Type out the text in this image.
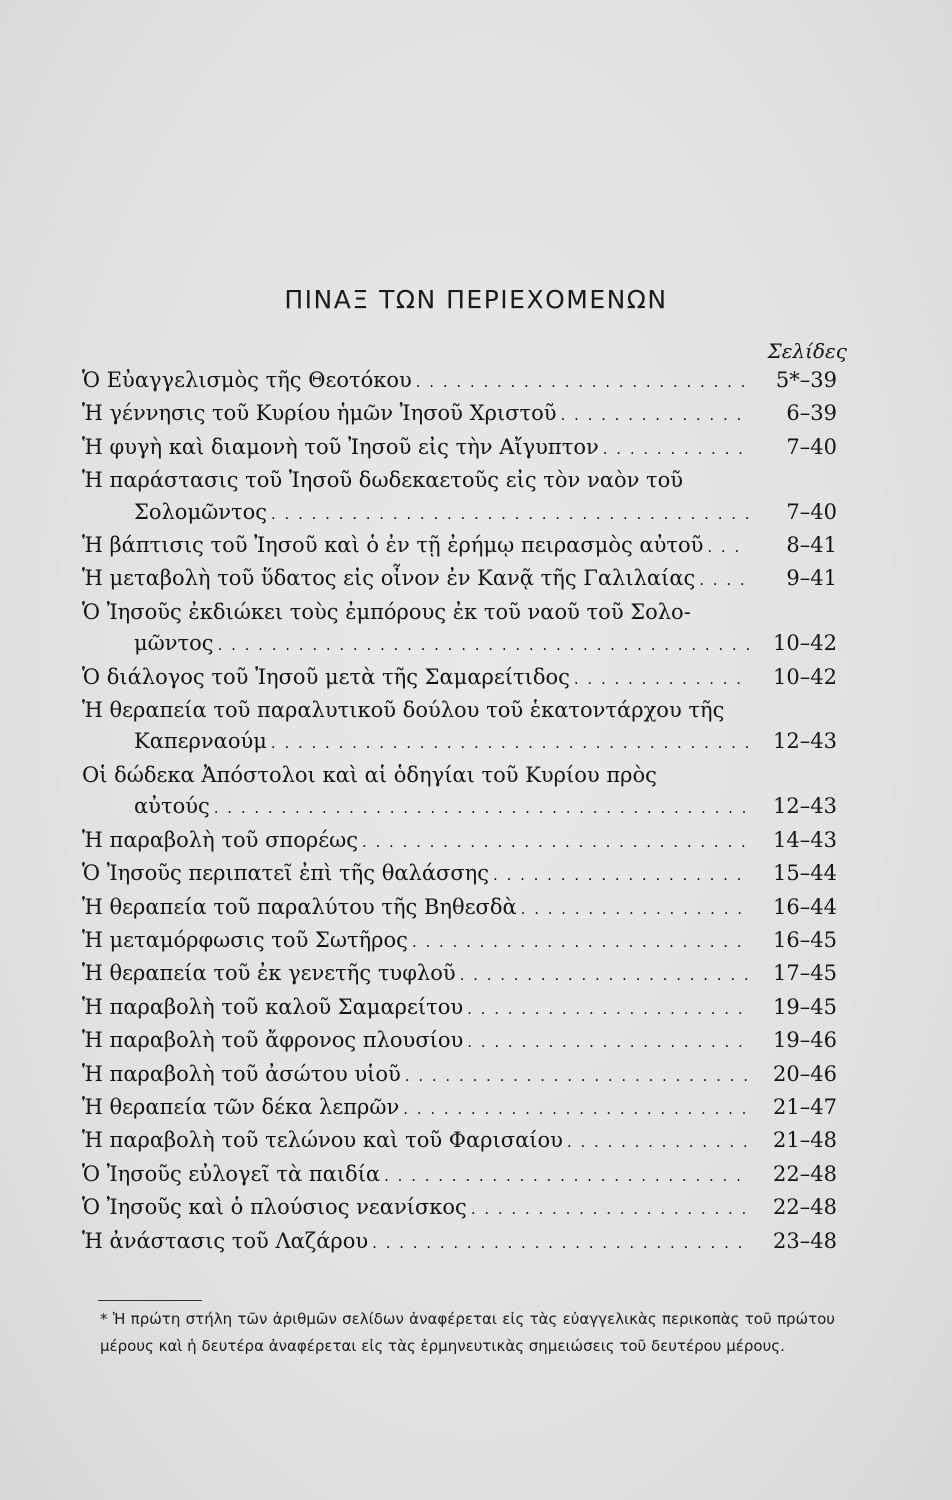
ΠΙΝΑΞ ΤΩΝ ΠΕΡΙΕΧΟΜΕΝΩΝ
Σελίδες
Ὁ Εὐαγγελισμὸς τῆς Θεοτόκου . . .	5*–39
Ἡ γέννησις τοῦ Κυρίου ἡμῶν Ἰησοῦ Χριστοῦ . . .	6–39
Ἡ φυγὴ καὶ διαμονὴ τοῦ Ἰησοῦ εἰς τὴν Αἴγυπτον . . .	7–40
Ἡ παράστασις τοῦ Ἰησοῦ δωδεκαετοῦς εἰς τὸν ναὸν τοῦ
Σολομῶντος . . .	7–40
Ἡ βάπτισις τοῦ Ἰησοῦ καὶ ὁ ἐν τῇ ἐρήμῳ πειρασμὸς αὐτοῦ . . .	8–41
Ἡ μεταβολὴ τοῦ ὕδατος εἰς οἶνον ἐν Κανᾷ τῆς Γαλιλαίας . . .	9–41
Ὁ Ἰησοῦς ἐκδιώκει τοὺς ἐμπόρους ἐκ τοῦ ναοῦ τοῦ Σολο-
μῶντος . . .	10–42
Ὁ διάλογος τοῦ Ἰησοῦ μετὰ τῆς Σαμαρείτιδος . . .	10–42
Ἡ θεραπεία τοῦ παραλυτικοῦ δούλου τοῦ ἑκατοντάρχου τῆς
Καπερναούμ . . .	12–43
Οἱ δώδεκα Ἀπόστολοι καὶ αἱ ὁδηγίαι τοῦ Κυρίου πρὸς
αὐτούς . . .	12–43
Ἡ παραβολὴ τοῦ σπορέως . . .	14–43
Ὁ Ἰησοῦς περιπατεῖ ἐπὶ τῆς θαλάσσης . . .	15–44
Ἡ θεραπεία τοῦ παραλύτου τῆς Βηθεσδὰ . . .	16–44
Ἡ μεταμόρφωσις τοῦ Σωτῆρος . . .	16–45
Ἡ θεραπεία τοῦ ἐκ γενετῆς τυφλοῦ . . .	17–45
Ἡ παραβολὴ τοῦ καλοῦ Σαμαρείτου . . .	19–45
Ἡ παραβολὴ τοῦ ἄφρονος πλουσίου . . .	19–46
Ἡ παραβολὴ τοῦ ἀσώτου υἱοῦ . . .	20–46
Ἡ θεραπεία τῶν δέκα λεπρῶν . . .	21–47
Ἡ παραβολὴ τοῦ τελώνου καὶ τοῦ Φαρισαίου . . .	21–48
Ὁ Ἰησοῦς εὐλογεῖ τὰ παιδία . . .	22–48
Ὁ Ἰησοῦς καὶ ὁ πλούσιος νεανίσκος . . .	22–48
Ἡ ἀνάστασις τοῦ Λαζάρου . . .	23–48

* Ἡ πρώτη στήλη τῶν ἀριθμῶν σελίδων ἀναφέρεται εἰς τὰς εὐαγγελικὰς περικοπὰς τοῦ πρώτου μέρους καὶ ἡ δευτέρα ἀναφέρεται εἰς τὰς ἑρμηνευτικὰς σημειώσεις τοῦ δευτέρου μέρους.
